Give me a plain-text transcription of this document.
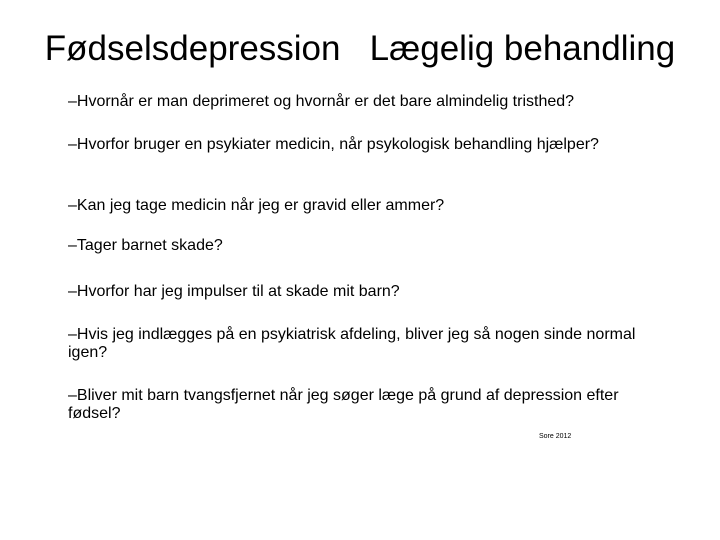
Fødselsdepression   Lægelig behandling
–Hvornår er man deprimeret og hvornår er det bare almindelig tristhed?
–Hvorfor bruger en psykiater medicin, når psykologisk behandling hjælper?
–Kan jeg tage medicin når jeg er gravid eller ammer?
–Tager barnet skade?
–Hvorfor har jeg impulser til at skade mit barn?
–Hvis jeg indlægges på en psykiatrisk afdeling, bliver jeg så nogen sinde normal igen?
–Bliver mit barn tvangsfjernet når jeg søger læge på grund af depression efter fødsel?
Sore 2012
